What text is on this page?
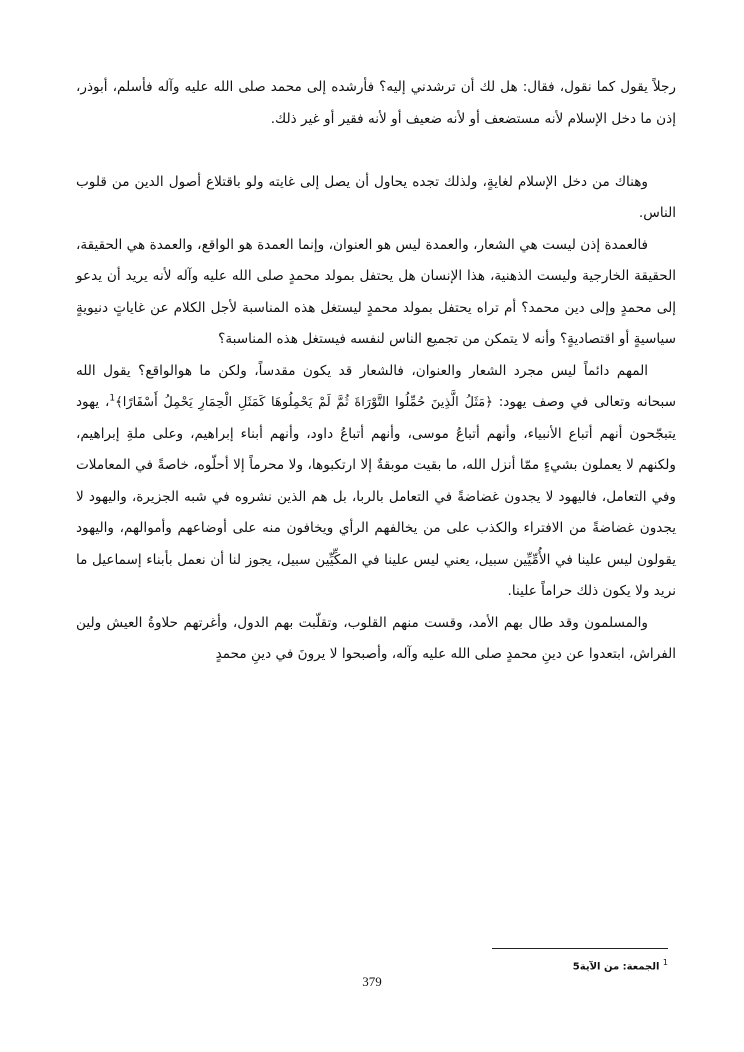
رجلاً يقول كما نقول، فقال: هل لك أن ترشدني إليه؟ فأرشده إلى محمد صلى الله عليه وآله فأسلم، أبوذر، إذن ما دخل الإسلام لأنه مستضعف أو لأنه ضعيف أو لأنه فقير أو غير ذلك.

وهناك من دخل الإسلام لغايةٍ، ولذلك تجده يحاول أن يصل إلى غايته ولو باقتلاع أصول الدين من قلوب الناس.

فالعمدة إذن ليست هي الشعار، والعمدة ليس هو العنوان، وإنما العمدة هو الواقع، والعمدة هي الحقيقة، الحقيقة الخارجية وليست الذهنية، هذا الإنسان هل يحتفل بمولد محمدٍ صلى الله عليه وآله لأنه يريد أن يدعو إلى محمدٍ وإلى دين محمد؟ أم تراه يحتفل بمولد محمدٍ ليستغل هذه المناسبة لأجل الكلام عن غاياتٍ دنيويةٍ سياسيةٍ أو اقتصاديةٍ؟ وأنه لا يتمكن من تجميع الناس لنفسه فيستغل هذه المناسبة؟

المهم دائماً ليس مجرد الشعار والعنوان، فالشعار قد يكون مقدساً، ولكن ما هوالواقع؟ يقول الله سبحانه وتعالى في وصف يهود: ﴿مَثَلُ الَّذِينَ حُمِّلُوا التَّوْرَاةَ ثُمَّ لَمْ يَحْمِلُوهَا كَمَثَلِ الْحِمَارِ يَحْمِلُ أَسْفَارًا﴾$^1$، يهود يتبجّحون أنهم أتباع الأنبياء، وأنهم أتباعُ موسى، وأنهم أتباعُ داود، وأنهم أبناء إبراهيم، وعلى ملةِ إبراهيم، ولكنهم لا يعملون بشيءٍ ممّا أنزل الله، ما بقيت موبقةٌ إلا ارتكبوها، ولا محرماً إلا أحلّوه، خاصةً في المعاملات وفي التعامل، فاليهود لا يجدون غضاضةً في التعامل بالربا، بل هم الذين نشروه في شبه الجزيرة، واليهود لا يجدون غضاضةً من الافتراء والكذب على من يخالفهم الرأي ويخافون منه على أوضاعهم وأموالهم، واليهود يقولون ليس علينا في الأُمِّيِّين سبيل، يعني ليس علينا في المكِّيِّين سبيل، يجوز لنا أن نعمل بأبناء إسماعيل ما نريد ولا يكون ذلك حراماً علينا.

والمسلمون وقد طال بهم الأمد، وقست منهم القلوب، وتقلّبت بهم الدول، وأغرتهم حلاوةُ العيش ولين الفراش، ابتعدوا عن دينِ محمدٍ صلى الله عليه وآله، وأصبحوا لا يرونَ في دينِ محمدٍ

$^1$ الجمعة: من الآية5
379
